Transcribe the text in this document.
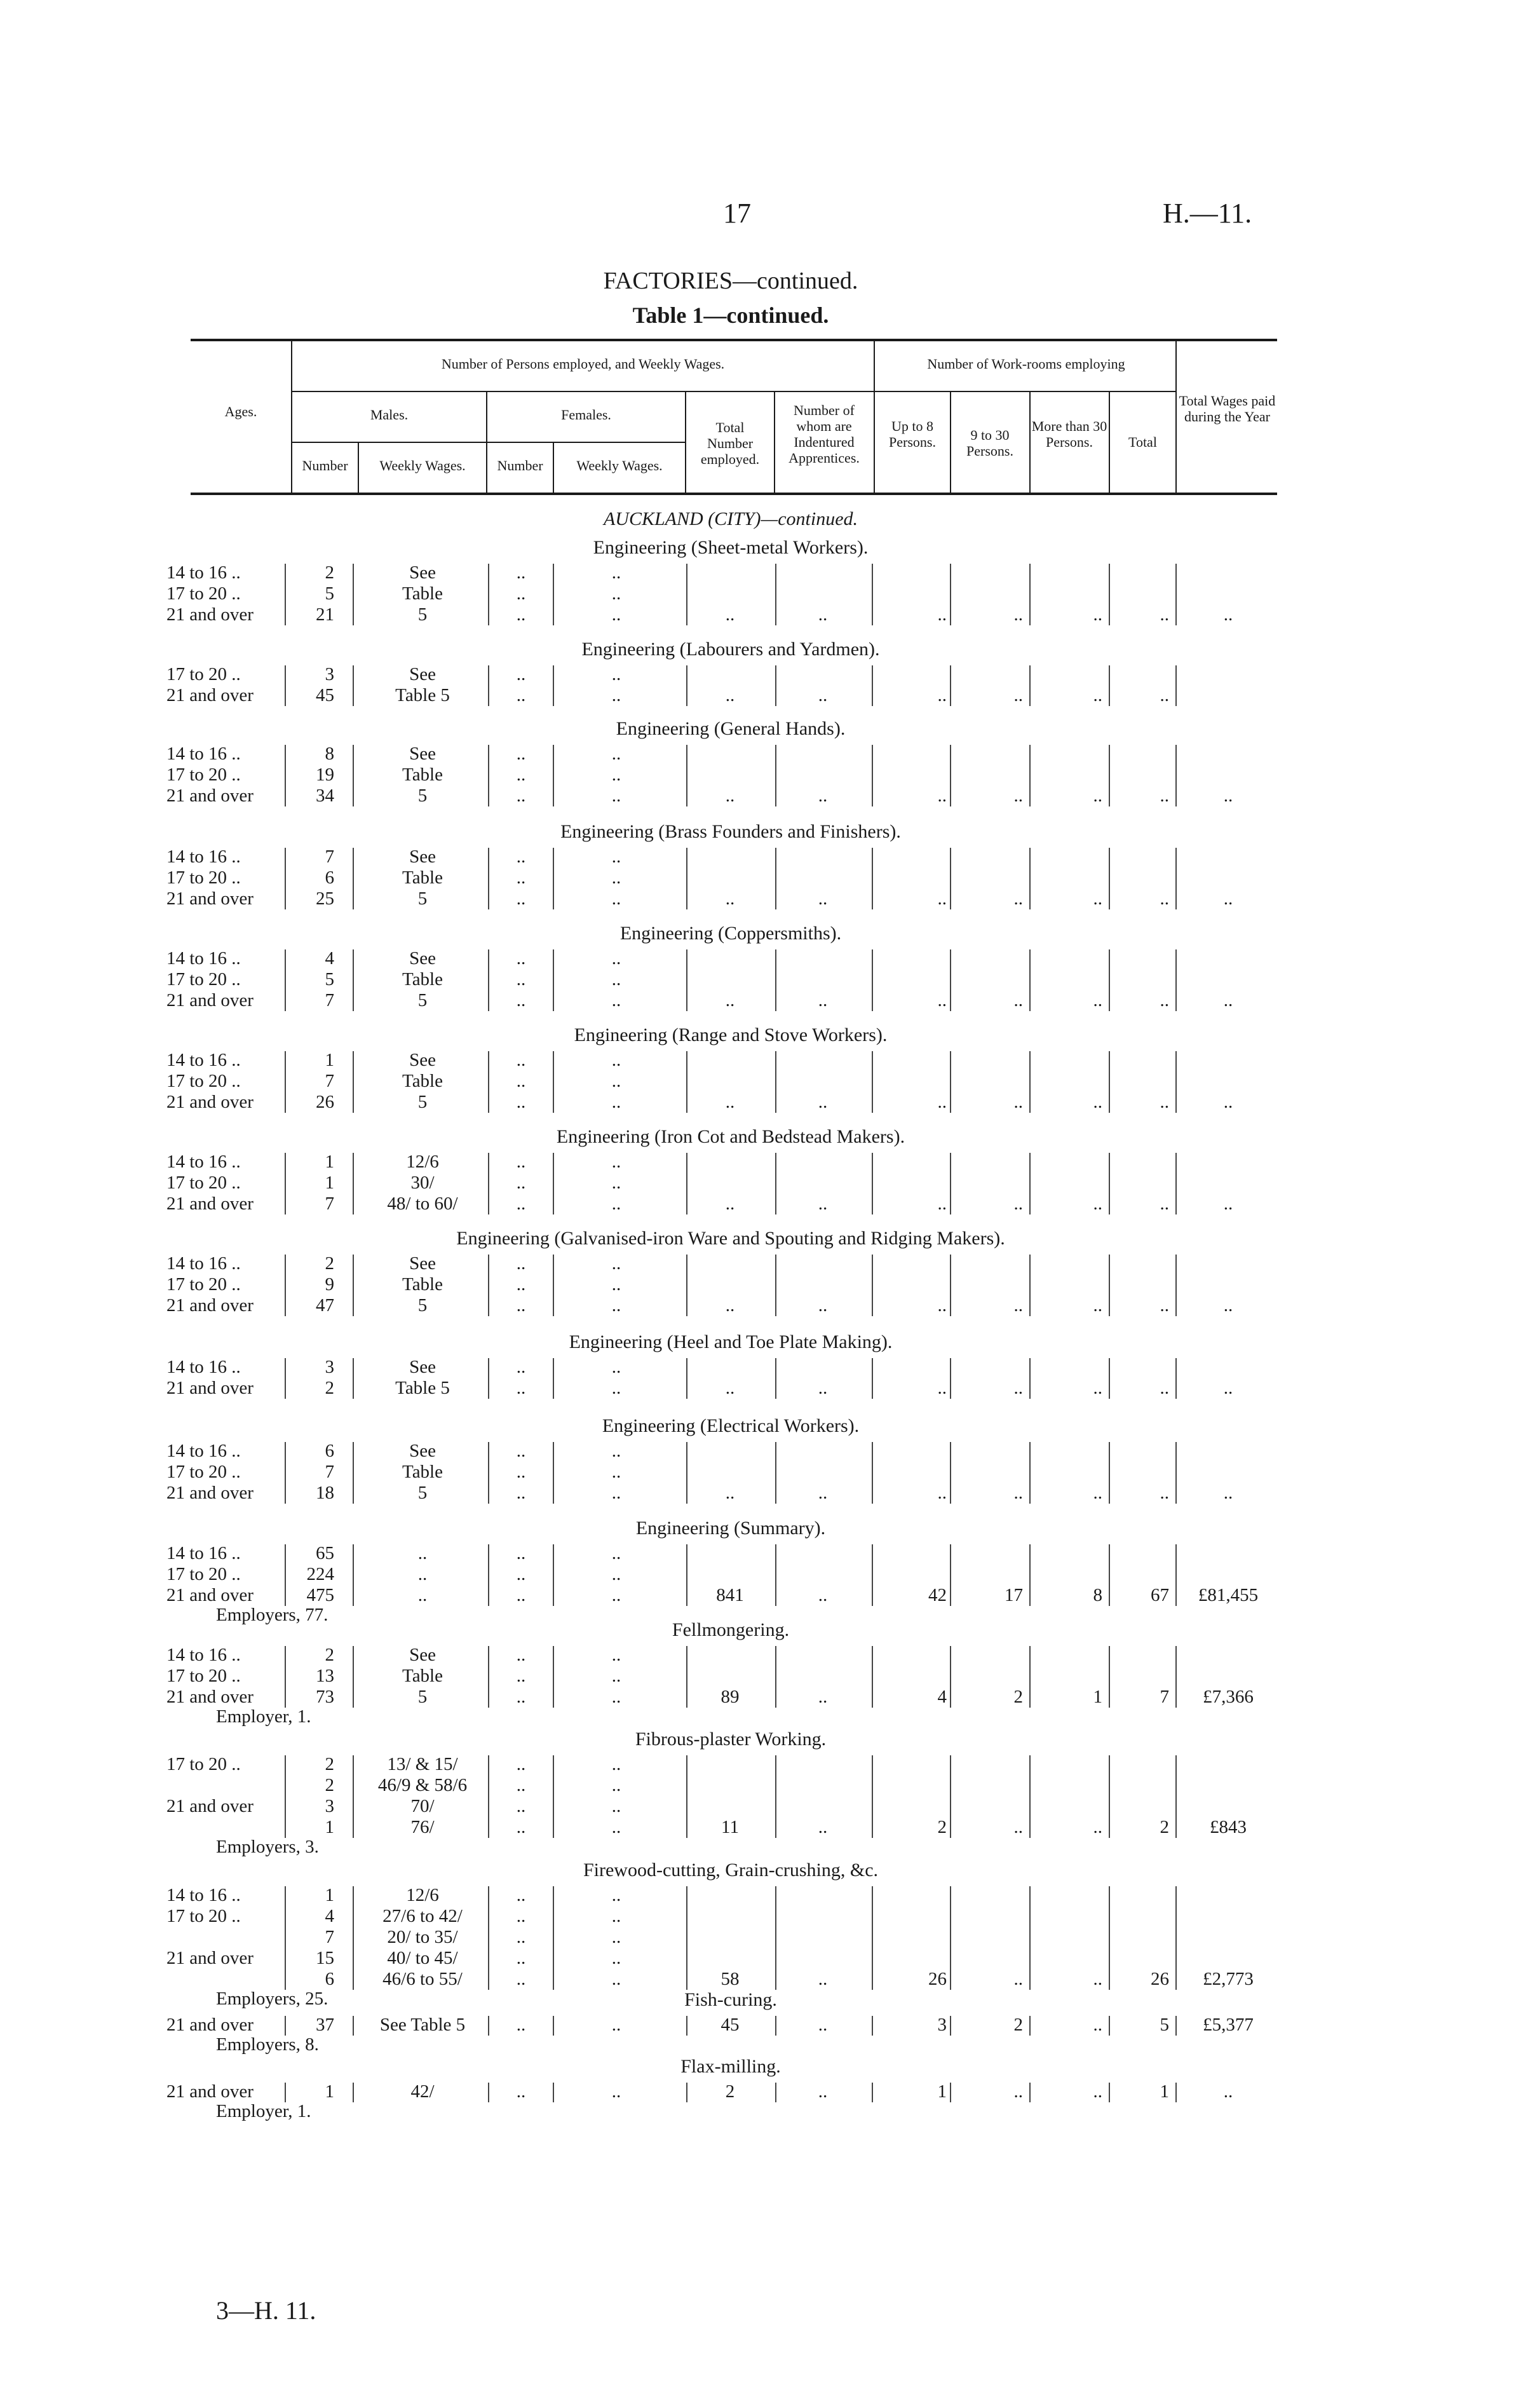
17	H.—11.
FACTORIES—continued.
Table 1—continued.
Ages.
Number of Persons employed, and Weekly Wages.
Males.	Females.
Number	Weekly Wages.	Number	Weekly Wages.
Total Number employed.
Number of whom are Indentured Apprentices.
Number of Work-rooms employing
Up to 8 Persons.	9 to 30 Persons.
More than 30 Persons.	Total
Total Wages paid during the Year
AUCKLAND (CITY)—continued.
Engineering (Sheet-metal Workers).
14 to 16 ..	2	See	..	..
17 to 20 ..	5	Table	..	..
21 and over	21	5	..	..	..	..	..	..	..	..	..
Engineering (Labourers and Yardmen).
17 to 20 ..	3	See	..	..
21 and over	45	Table 5	..	..	..	..	..	..	..	..
Engineering (General Hands).
14 to 16 ..	8	See	..	..
17 to 20 ..	19	Table	..	..
21 and over	34	5	..	..	..	..	..	..	..	..	..
Engineering (Brass Founders and Finishers).
14 to 16 ..	7	See	..	..
17 to 20 ..	6	Table	..	..
21 and over	25	5	..	..	..	..	..	..	..	..	..
Engineering (Coppersmiths).
14 to 16 ..	4	See	..	..
17 to 20 ..	5	Table	..	..
21 and over	7	5	..	..	..	..	..	..	..	..	..
Engineering (Range and Stove Workers).
14 to 16 ..	1	See	..	..
17 to 20 ..	7	Table	..	..
21 and over	26	5	..	..	..	..	..	..	..	..	..
Engineering (Iron Cot and Bedstead Makers).
14 to 16 ..	1	12/6	..	..
17 to 20 ..	1	30/	..	..
21 and over	7	48/ to 60/	..	..	..	..	..	..	..	..	..
Engineering (Galvanised-iron Ware and Spouting and Ridging Makers).
14 to 16 ..	2	See	..	..
17 to 20 ..	9	Table	..	..
21 and over	47	5	..	..	..	..	..	..	..	..	..
Engineering (Heel and Toe Plate Making).
14 to 16 ..	3	See	..	..
21 and over	2	Table 5	..	..	..	..	..	..	..	..	..
Engineering (Electrical Workers).
14 to 16 ..	6	See	..	..
17 to 20 ..	7	Table	..	..
21 and over	18	5	..	..	..	..	..	..	..	..	..
Engineering (Summary).
14 to 16 ..	65	..	..	..
17 to 20 ..	224	..	..	..
21 and over	475	..	..	..	841	..	42	17	8	67	£81,455
Employers, 77.
Fellmongering.
14 to 16 ..	2	See	..	..
17 to 20 ..	13	Table	..	..
21 and over	73	5	..	..	89	..	4	2	1	7	£7,366
Employer, 1.
Fibrous-plaster Working.
17 to 20 ..	2	13/ & 15/	..	..
2	46/9 & 58/6	..	..
21 and over	3	70/	..	..
1	76/	..	..	11	..	2	..	..	2	£843
Employers, 3.
Firewood-cutting, Grain-crushing, &c.
14 to 16 ..	1	12/6	..	..
17 to 20 ..	4	27/6 to 42/	..	..
7	20/ to 35/	..	..
21 and over	15	40/ to 45/	..	..
6	46/6 to 55/	..	..	58	..	26	..	..	26	£2,773
Employers, 25.	Fish-curing.
21 and over	37	See Table 5	..	..	45	..	3	2	..	5	£5,377
Employers, 8.
Flax-milling.
21 and over	1	42/	..	..	2	..	1	..	..	1	..
Employer, 1.
3—H. 11.
